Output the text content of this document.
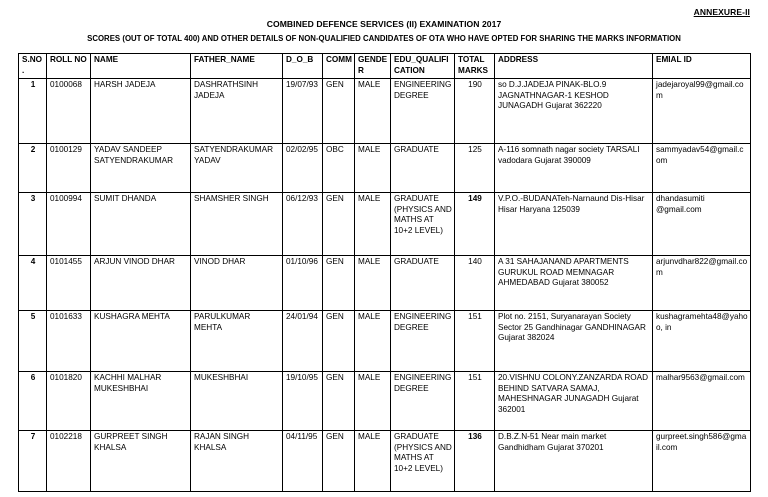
ANNEXURE-II
COMBINED DEFENCE SERVICES (II) EXAMINATION 2017
SCORES (OUT OF TOTAL 400) AND OTHER DETAILS OF NON-QUALIFIED CANDIDATES OF OTA WHO HAVE OPTED FOR SHARING THE MARKS INFORMATION
S.NO.	ROLL NO	NAME	FATHER_NAME	D_O_B	COMM	GENDER	EDU_QUALIFICATION	TOTAL MARKS	ADDRESS	EMIAL ID
1	0100068	HARSH JADEJA	DASHRATHSINH JADEJA	19/07/93	GEN	MALE	ENGINEERING DEGREE	190	so D.J.JADEJA PINAK-BLO.9 JAGNATHNAGAR-1 KESHOD JUNAGADH Gujarat 362220	jadejaroyal99@gmail.com
2	0100129	YADAV SANDEEP SATYENDRAKUMAR	SATYENDRAKUMAR YADAV	02/02/95	OBC	MALE	GRADUATE	125	A-116 somnath nagar society TARSALI vadodara Gujarat 390009	sammyadav54@gmail.com
3	0100994	SUMIT DHANDA	SHAMSHER SINGH	06/12/93	GEN	MALE	GRADUATE (PHYSICS AND MATHS AT 10+2 LEVEL)	149	V.P.O.-BUDANATeh-Narnaund Dis-Hisar Hisar Haryana 125039	dhandasumiti @gmail.com
4	0101455	ARJUN VINOD DHAR	VINOD DHAR	01/10/96	GEN	MALE	GRADUATE	140	A 31 SAHAJANAND APARTMENTS GURUKUL ROAD MEMNAGAR AHMEDABAD Gujarat 380052	arjunvdhar822@gmail.com
5	0101633	KUSHAGRA MEHTA	PARULKUMAR MEHTA	24/01/94	GEN	MALE	ENGINEERING DEGREE	151	Plot no. 2151, Suryanarayan Society Sector 25 Gandhinagar GANDHINAGAR Gujarat 382024	kushagramehta48@yahoo, in
6	0101820	KACHHI MALHAR MUKESHBHAI	MUKESHBHAI	19/10/95	GEN	MALE	ENGINEERING DEGREE	151	20.VISHNU COLONY.ZANZARDA ROAD BEHIND SATVARA SAMAJ, MAHESHNAGAR JUNAGADH Gujarat 362001	malhar9563@gmail.com
7	0102218	GURPREET SINGH KHALSA	RAJAN SINGH KHALSA	04/11/95	GEN	MALE	GRADUATE (PHYSICS AND MATHS AT 10+2 LEVEL)	136	D.B.Z.N-51 Near main market Gandhidham Gujarat 370201	gurpreet.singh586@gmail.com
